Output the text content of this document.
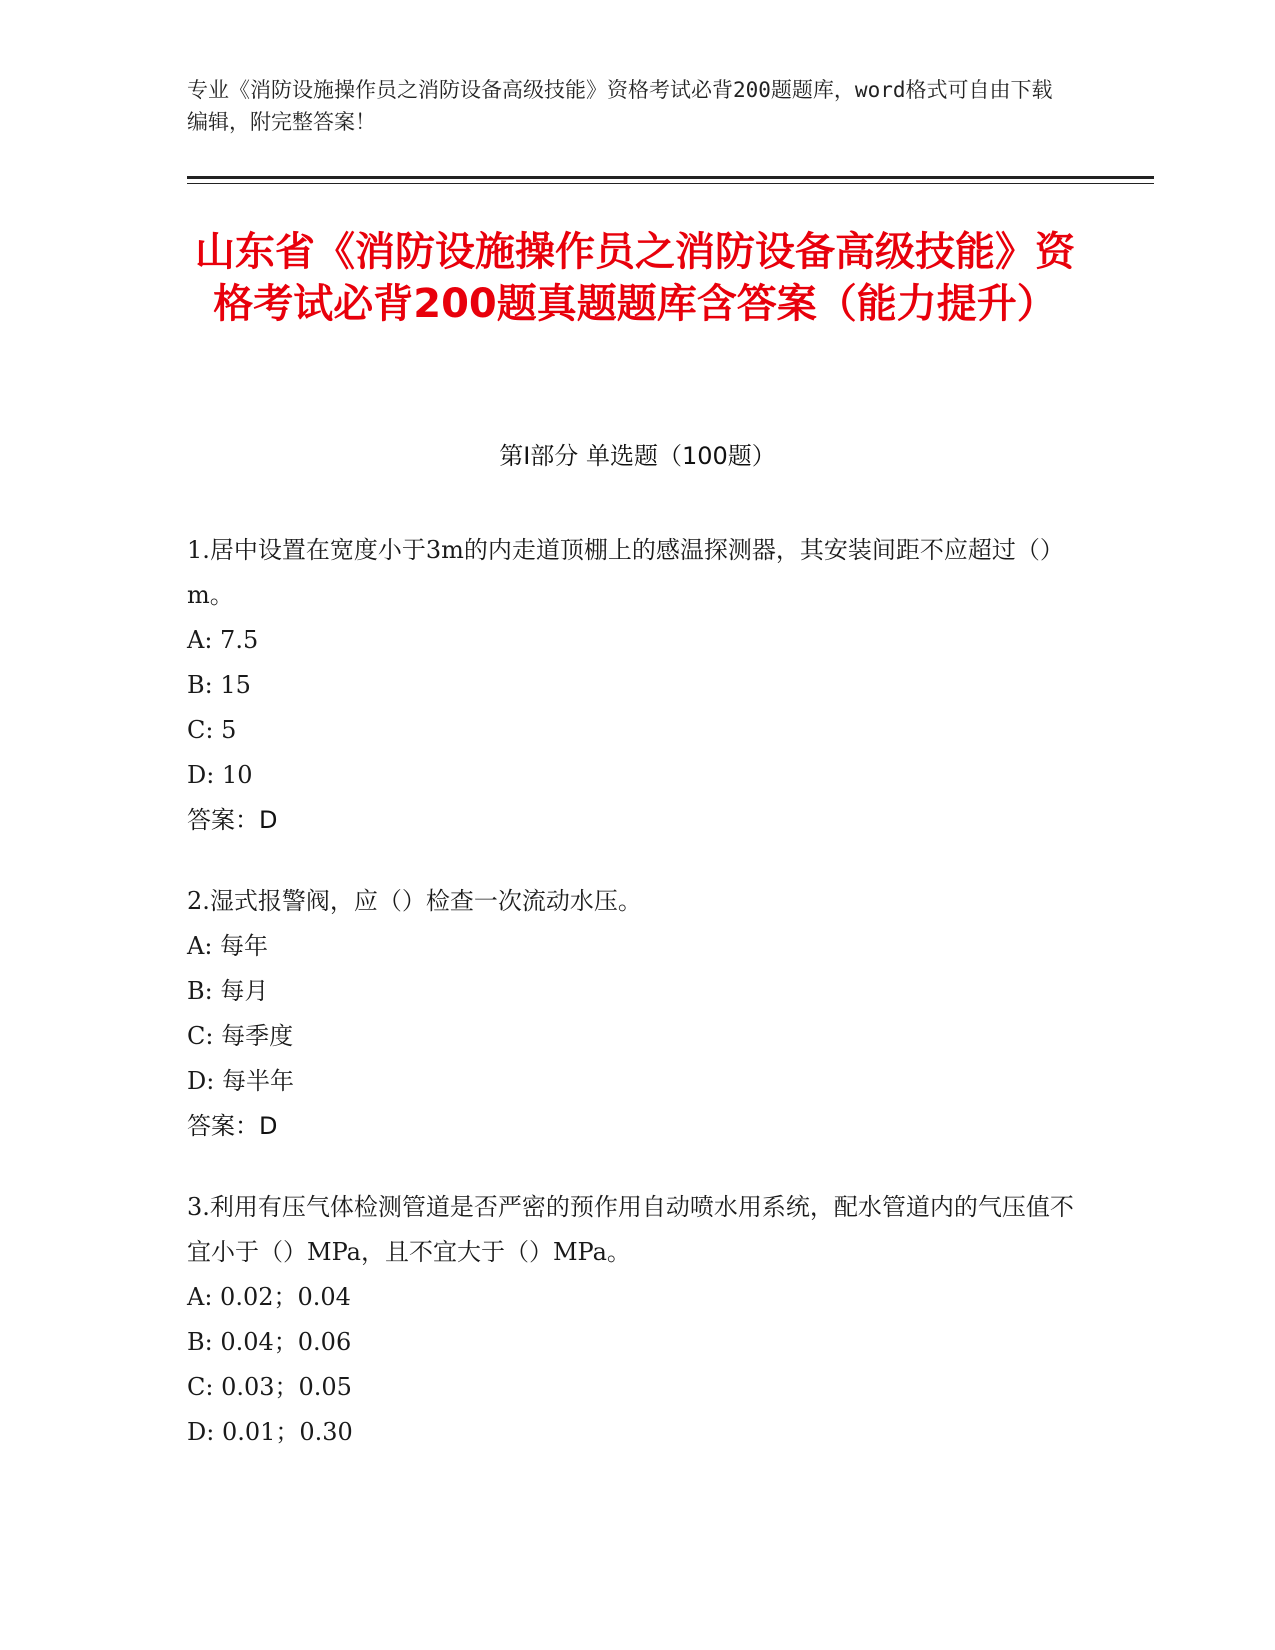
专业《消防设施操作员之消防设备高级技能》资格考试必背200题题库，word格式可自由下载编辑，附完整答案！
山东省《消防设施操作员之消防设备高级技能》资格考试必背200题真题题库含答案（能力提升）
第Ⅰ部分 单选题（100题）
1.居中设置在宽度小于3m的内走道顶棚上的感温探测器，其安装间距不应超过（）m。
A: 7.5
B: 15
C: 5
D: 10
答案：D
2.湿式报警阀，应（）检查一次流动水压。
A: 每年
B: 每月
C: 每季度
D: 每半年
答案：D
3.利用有压气体检测管道是否严密的预作用自动喷水用系统，配水管道内的气压值不宜小于（）MPa，且不宜大于（）MPa。
A: 0.02；0.04
B: 0.04；0.06
C: 0.03；0.05
D: 0.01；0.30
